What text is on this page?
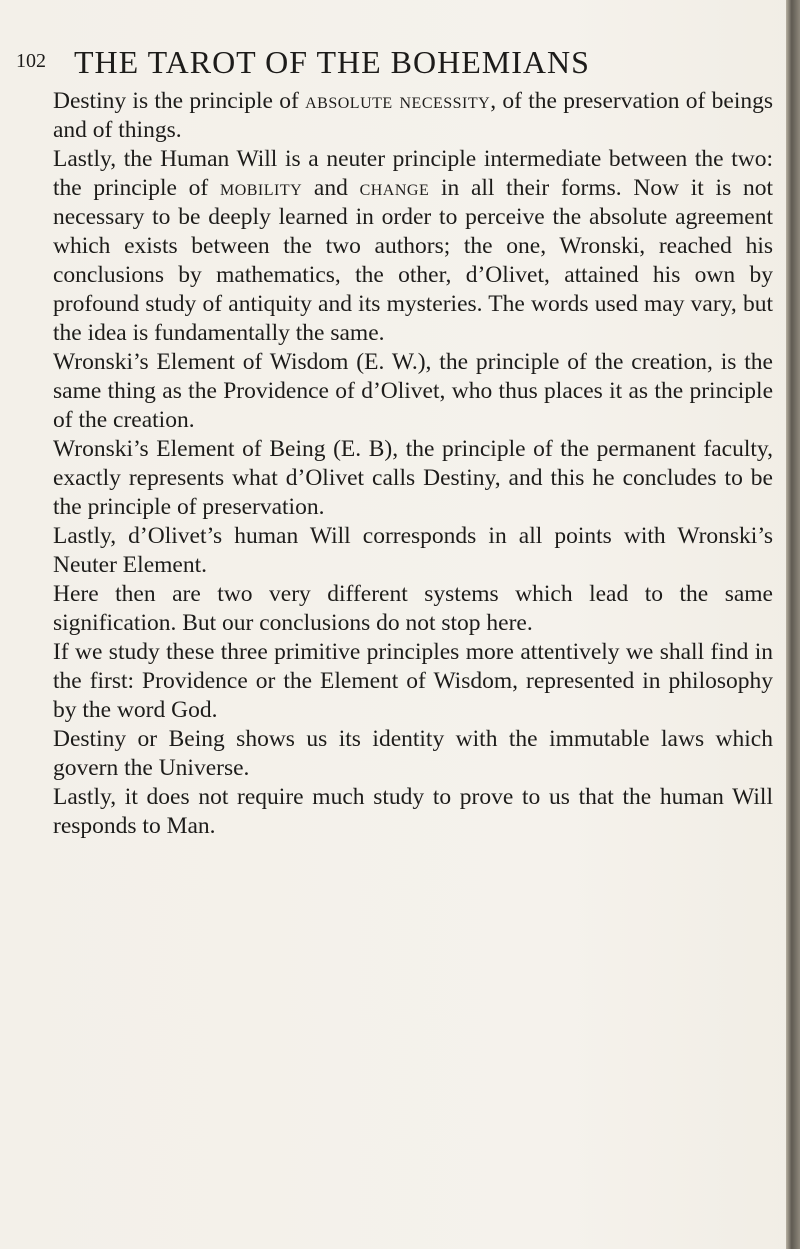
102 THE TAROT OF THE BOHEMIANS

Destiny is the principle of absolute necessity, of the preservation of beings and of things.

Lastly, the Human Will is a neuter principle intermediate between the two: the principle of mobility and change in all their forms. Now it is not necessary to be deeply learned in order to perceive the absolute agreement which exists between the two authors; the one, Wronski, reached his conclusions by mathematics, the other, d’Olivet, attained his own by profound study of antiquity and its mysteries. The words used may vary, but the idea is fundamentally the same.

Wronski’s Element of Wisdom (E. W.), the principle of the creation, is the same thing as the Providence of d’Olivet, who thus places it as the principle of the creation.

Wronski’s Element of Being (E. B), the principle of the permanent faculty, exactly represents what d’Olivet calls Destiny, and this he concludes to be the principle of preservation.

Lastly, d’Olivet’s human Will corresponds in all points with Wronski’s Neuter Element.

Here then are two very different systems which lead to the same signification. But our conclusions do not stop here.

If we study these three primitive principles more attentively we shall find in the first: Providence or the Element of Wisdom, represented in philosophy by the word God.

Destiny or Being shows us its identity with the immutable laws which govern the Universe.

Lastly, it does not require much study to prove to us that the human Will responds to Man.
